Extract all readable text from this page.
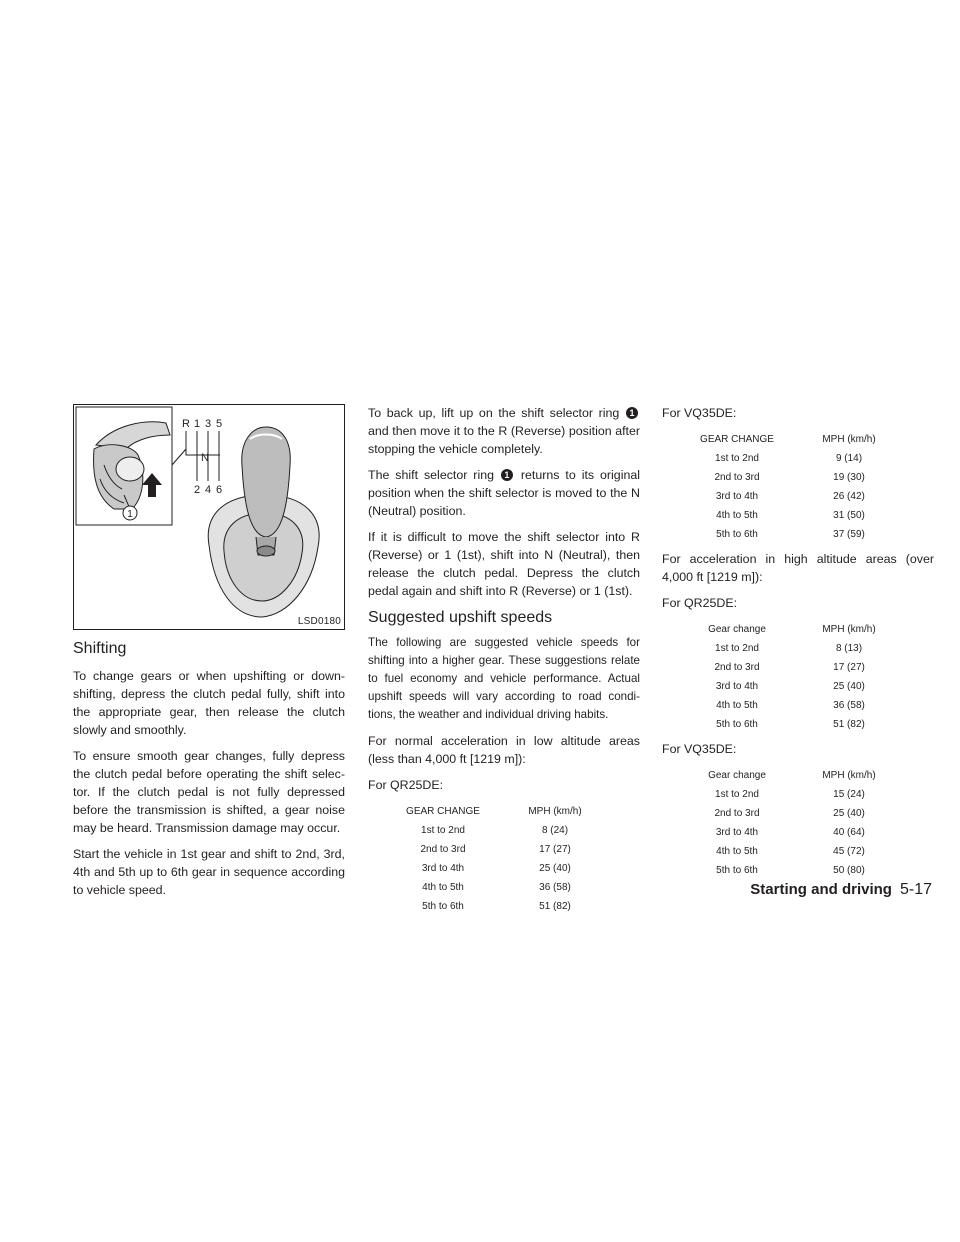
1
R 1 3 5
N
2 4 6
LSD0180
Shifting

To change gears or when upshifting or down-shifting, depress the clutch pedal fully, shift into the appropriate gear, then release the clutch slowly and smoothly.

To ensure smooth gear changes, fully depress the clutch pedal before operating the shift selec-tor. If the clutch pedal is not fully depressed before the transmission is shifted, a gear noise may be heard. Transmission damage may occur.

Start the vehicle in 1st gear and shift to 2nd, 3rd, 4th and 5th up to 6th gear in sequence according to vehicle speed.

To back up, lift up on the shift selector ring 1 and then move it to the R (Reverse) position after stopping the vehicle completely.

The shift selector ring 1 returns to its original position when the shift selector is moved to the N (Neutral) position.

If it is difficult to move the shift selector into R (Reverse) or 1 (1st), shift into N (Neutral), then release the clutch pedal. Depress the clutch pedal again and shift into R (Reverse) or 1 (1st).

Suggested upshift speeds

The following are suggested vehicle speeds for shifting into a higher gear. These suggestions relate to fuel economy and vehicle performance. Actual upshift speeds will vary according to road condi-tions, the weather and individual driving habits.

For normal acceleration in low altitude areas (less than 4,000 ft [1219 m]):

For QR25DE:

GEAR CHANGE	MPH (km/h)
1st to 2nd	8 (24)
2nd to 3rd	17 (27)
3rd to 4th	25 (40)
4th to 5th	36 (58)
5th to 6th	51 (82)

For VQ35DE:

GEAR CHANGE	MPH (km/h)
1st to 2nd	9 (14)
2nd to 3rd	19 (30)
3rd to 4th	26 (42)
4th to 5th	31 (50)
5th to 6th	37 (59)

For acceleration in high altitude areas (over 4,000 ft [1219 m]):

For QR25DE:

Gear change	MPH (km/h)
1st to 2nd	8 (13)
2nd to 3rd	17 (27)
3rd to 4th	25 (40)
4th to 5th	36 (58)
5th to 6th	51 (82)

For VQ35DE:

Gear change	MPH (km/h)
1st to 2nd	15 (24)
2nd to 3rd	25 (40)
3rd to 4th	40 (64)
4th to 5th	45 (72)
5th to 6th	50 (80)
Starting and driving 5-17
